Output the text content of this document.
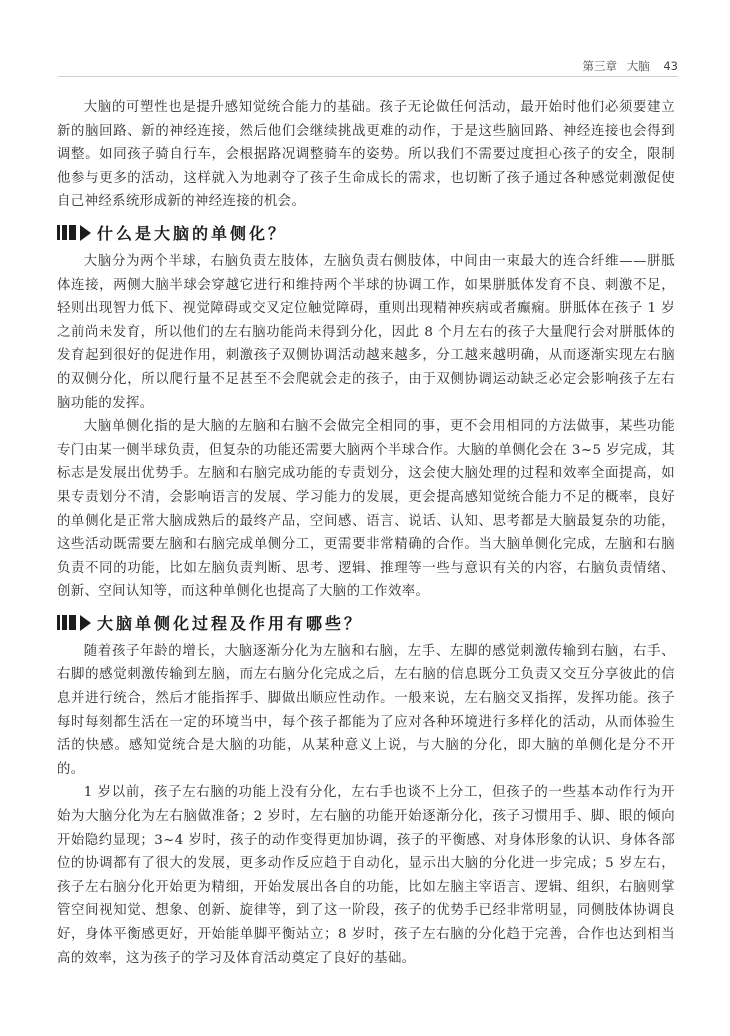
第三章 大脑 43

大脑的可塑性也是提升感知觉统合能力的基础。孩子无论做任何活动，最开始时他们必须要建立新的脑回路、新的神经连接，然后他们会继续挑战更难的动作，于是这些脑回路、神经连接也会得到调整。如同孩子骑自行车，会根据路况调整骑车的姿势。所以我们不需要过度担心孩子的安全，限制他参与更多的活动，这样就入为地剥夺了孩子生命成长的需求，也切断了孩子通过各种感觉刺激促使自己神经系统形成新的神经连接的机会。

什么是大脑的单侧化？

大脑分为两个半球，右脑负责左肢体，左脑负责右侧肢体，中间由一束最大的连合纤维——胼胝体连接，两侧大脑半球会穿越它进行和维持两个半球的协调工作，如果胼胝体发育不良、刺激不足，轻则出现智力低下、视觉障碍或交叉定位触觉障碍，重则出现精神疾病或者癫痫。胼胝体在孩子 1 岁之前尚未发育，所以他们的左右脑功能尚未得到分化，因此 8 个月左右的孩子大量爬行会对胼胝体的发育起到很好的促进作用，刺激孩子双侧协调活动越来越多，分工越来越明确，从而逐渐实现左右脑的双侧分化，所以爬行量不足甚至不会爬就会走的孩子，由于双侧协调运动缺乏必定会影响孩子左右脑功能的发挥。

大脑单侧化指的是大脑的左脑和右脑不会做完全相同的事，更不会用相同的方法做事，某些功能专门由某一侧半球负责，但复杂的功能还需要大脑两个半球合作。大脑的单侧化会在 3~5 岁完成，其标志是发展出优势手。左脑和右脑完成功能的专责划分，这会使大脑处理的过程和效率全面提高，如果专责划分不清，会影响语言的发展、学习能力的发展，更会提高感知觉统合能力不足的概率，良好的单侧化是正常大脑成熟后的最终产品，空间感、语言、说话、认知、思考都是大脑最复杂的功能，这些活动既需要左脑和右脑完成单侧分工，更需要非常精确的合作。当大脑单侧化完成，左脑和右脑负责不同的功能，比如左脑负责判断、思考、逻辑、推理等一些与意识有关的内容，右脑负责情绪、创新、空间认知等，而这种单侧化也提高了大脑的工作效率。

大脑单侧化过程及作用有哪些？

随着孩子年龄的增长，大脑逐渐分化为左脑和右脑，左手、左脚的感觉刺激传输到右脑，右手、右脚的感觉刺激传输到左脑，而左右脑分化完成之后，左右脑的信息既分工负责又交互分享彼此的信息并进行统合，然后才能指挥手、脚做出顺应性动作。一般来说，左右脑交叉指挥，发挥功能。孩子每时每刻都生活在一定的环境当中，每个孩子都能为了应对各种环境进行多样化的活动，从而体验生活的快感。感知觉统合是大脑的功能，从某种意义上说，与大脑的分化，即大脑的单侧化是分不开的。

1 岁以前，孩子左右脑的功能上没有分化，左右手也谈不上分工，但孩子的一些基本动作行为开始为大脑分化为左右脑做准备；2 岁时，左右脑的功能开始逐渐分化，孩子习惯用手、脚、眼的倾向开始隐约显现；3~4 岁时，孩子的动作变得更加协调，孩子的平衡感、对身体形象的认识、身体各部位的协调都有了很大的发展，更多动作反应趋于自动化，显示出大脑的分化进一步完成；5 岁左右，孩子左右脑分化开始更为精细，开始发展出各自的功能，比如左脑主宰语言、逻辑、组织，右脑则掌管空间视知觉、想象、创新、旋律等，到了这一阶段，孩子的优势手已经非常明显，同侧肢体协调良好，身体平衡感更好，开始能单脚平衡站立；8 岁时，孩子左右脑的分化趋于完善，合作也达到相当高的效率，这为孩子的学习及体育活动奠定了良好的基础。
